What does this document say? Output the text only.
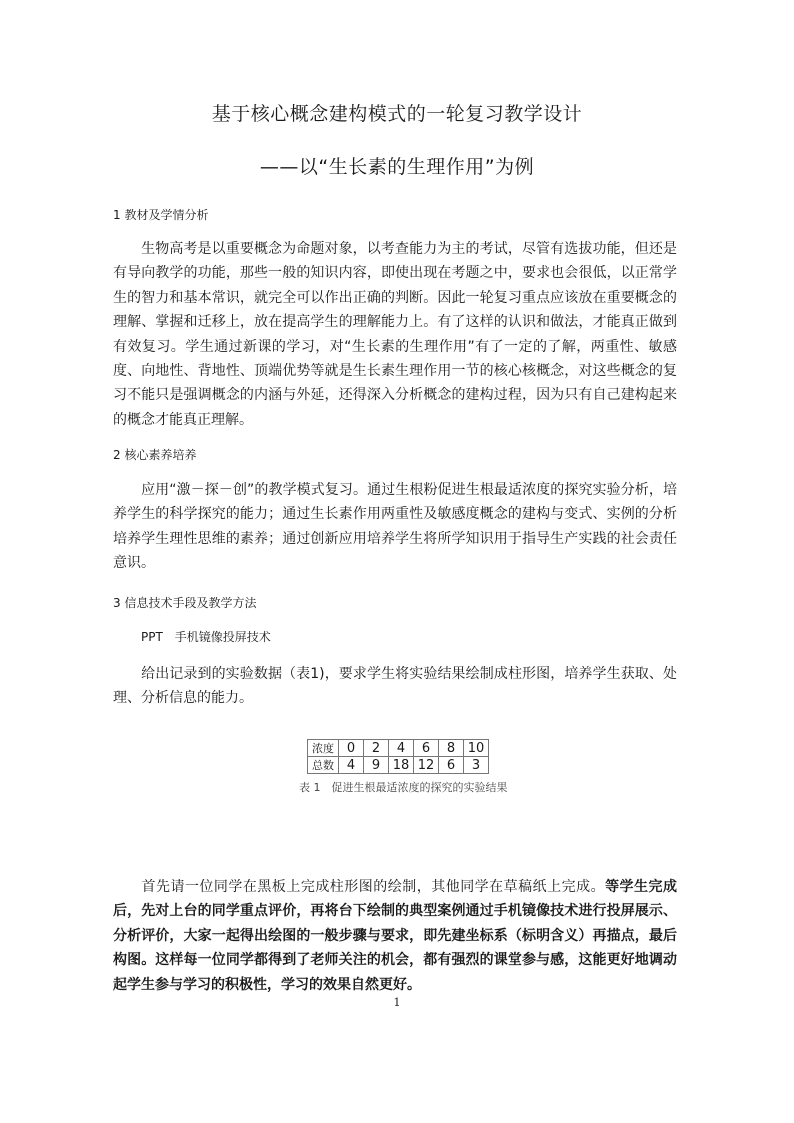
基于核心概念建构模式的一轮复习教学设计
——以“生长素的生理作用”为例
1 教材及学情分析

生物高考是以重要概念为命题对象，以考查能力为主的考试，尽管有选拔功能，但还是有导向教学的功能，那些一般的知识内容，即使出现在考题之中，要求也会很低，以正常学生的智力和基本常识，就完全可以作出正确的判断。因此一轮复习重点应该放在重要概念的理解、掌握和迁移上，放在提高学生的理解能力上。有了这样的认识和做法，才能真正做到有效复习。学生通过新课的学习，对“生长素的生理作用”有了一定的了解，两重性、敏感度、向地性、背地性、顶端优势等就是生长素生理作用一节的核心核概念，对这些概念的复习不能只是强调概念的内涵与外延，还得深入分析概念的建构过程，因为只有自己建构起来的概念才能真正理解。

2 核心素养培养

应用“激－探－创”的教学模式复习。通过生根粉促进生根最适浓度的探究实验分析，培养学生的科学探究的能力；通过生长素作用两重性及敏感度概念的建构与变式、实例的分析培养学生理性思维的素养；通过创新应用培养学生将所学知识用于指导生产实践的社会责任意识。

3 信息技术手段及教学方法
PPT　手机镜像投屏技术

给出记录到的实验数据（表1)，要求学生将实验结果绘制成柱形图，培养学生获取、处理、分析信息的能力。

浓度	0	2	4	6	8	10
总数	4	9	18	12	6	3
表 1　促进生根最适浓度的探究的实验结果

首先请一位同学在黑板上完成柱形图的绘制，其他同学在草稿纸上完成。等学生完成后，先对上台的同学重点评价，再将台下绘制的典型案例通过手机镜像技术进行投屏展示、分析评价，大家一起得出绘图的一般步骤与要求，即先建坐标系（标明含义）再描点，最后构图。这样每一位同学都得到了老师关注的机会，都有强烈的课堂参与感，这能更好地调动起学生参与学习的积极性，学习的效果自然更好。

1
